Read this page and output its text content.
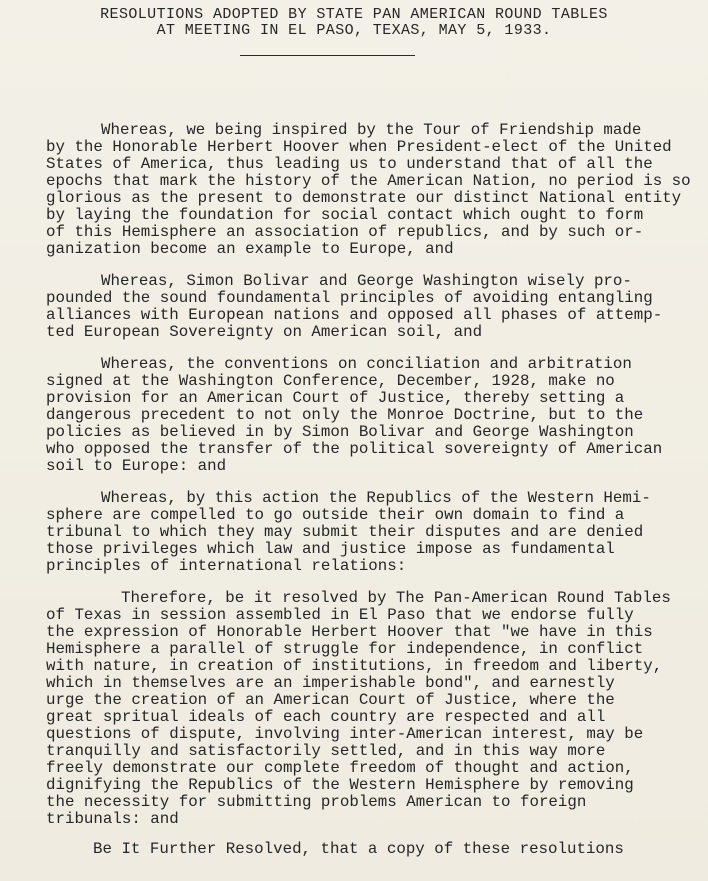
RESOLUTIONS ADOPTED BY STATE PAN AMERICAN ROUND TABLES
AT MEETING IN EL PASO, TEXAS, MAY 5, 1933.
Whereas, we being inspired by the Tour of Friendship made
by the Honorable Herbert Hoover when President-elect of the United
States of America, thus leading us to understand that of all the
epochs that mark the history of the American Nation, no period is so
glorious as the present to demonstrate our distinct National entity
by laying the foundation for social contact which ought to form
of this Hemisphere an association of republics, and by such or-
ganization become an example to Europe, and
Whereas, Simon Bolivar and George Washington wisely pro-
pounded the sound foundamental principles of avoiding entangling
alliances with European nations and opposed all phases of attemp-
ted European Sovereignty on American soil, and
Whereas, the conventions on conciliation and arbitration
signed at the Washington Conference, December, 1928, make no
provision for an American Court of Justice, thereby setting a
dangerous precedent to not only the Monroe Doctrine, but to the
policies as believed in by Simon Bolivar and George Washington
who opposed the transfer of the political sovereignty of American
soil to Europe: and
Whereas, by this action the Republics of the Western Hemi-
sphere are compelled to go outside their own domain to find a
tribunal to which they may submit their disputes and are denied
those privileges which law and justice impose as fundamental
principles of international relations:
Therefore, be it resolved by The Pan-American Round Tables
of Texas in session assembled in El Paso that we endorse fully
the expression of Honorable Herbert Hoover that "we have in this
Hemisphere a parallel of struggle for independence, in conflict
with nature, in creation of institutions, in freedom and liberty,
which in themselves are an imperishable bond", and earnestly
urge the creation of an American Court of Justice, where the
great spritual ideals of each country are respected and all
questions of dispute, involving inter-American interest, may be
tranquilly and satisfactorily settled, and in this way more
freely demonstrate our complete freedom of thought and action,
dignifying the Republics of the Western Hemisphere by removing
the necessity for submitting problems American to foreign
tribunals: and
Be It Further Resolved, that a copy of these resolutions
